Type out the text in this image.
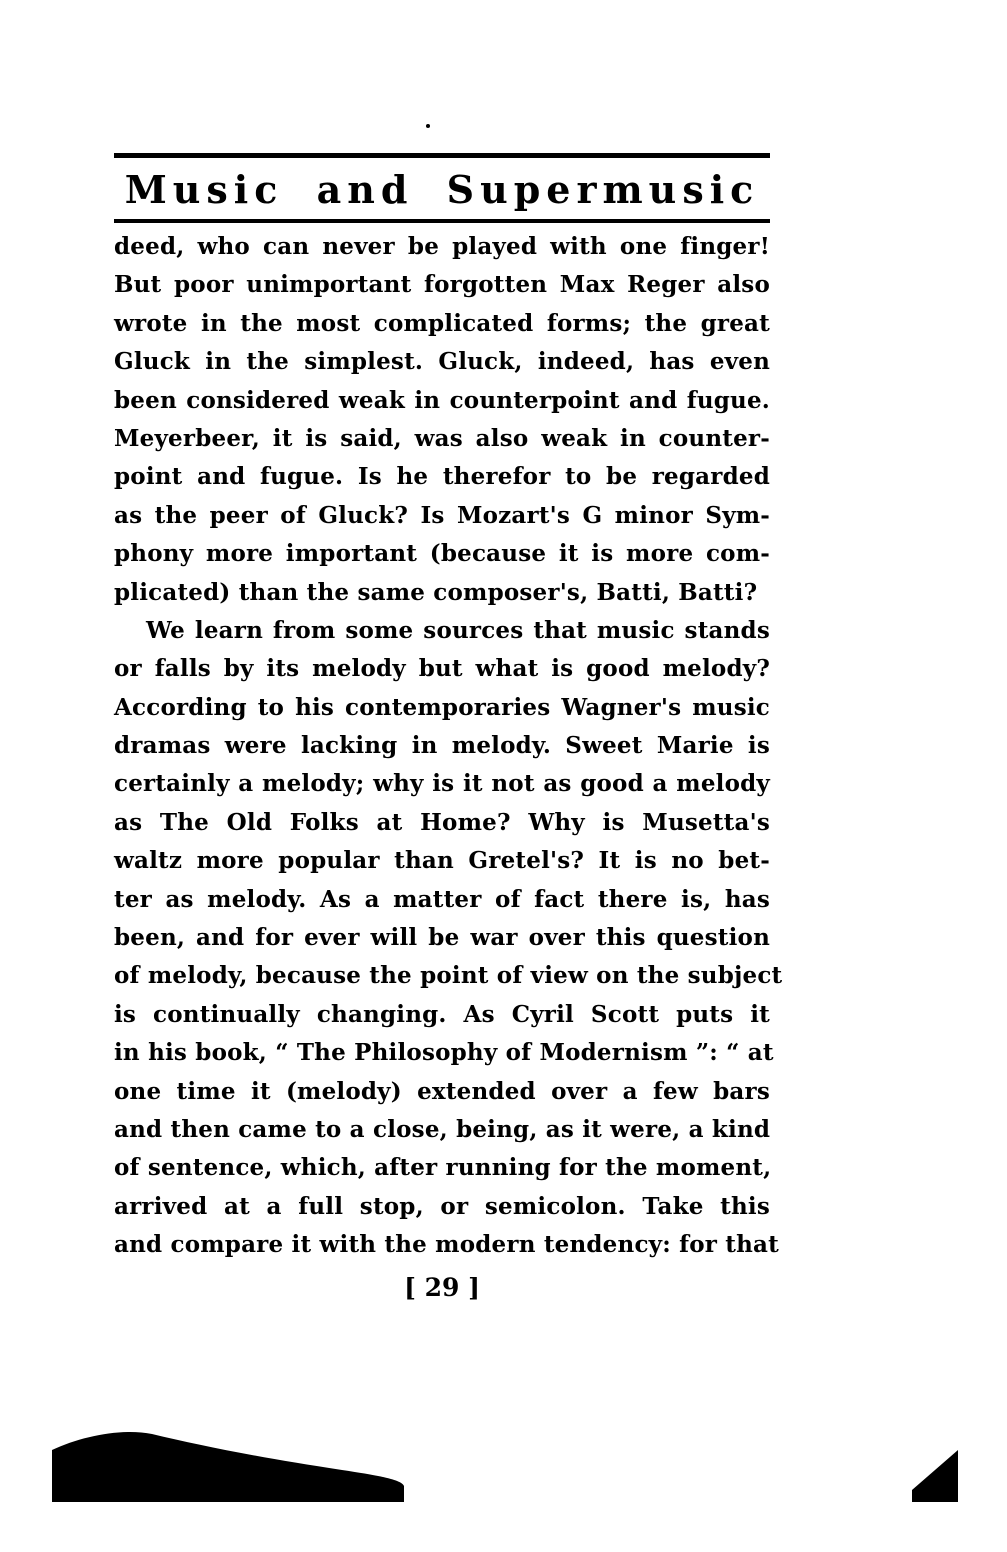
Music and Supermusic
deed, who can never be played with one finger!
But poor unimportant forgotten Max Reger also
wrote in the most complicated forms; the great
Gluck in the simplest. Gluck, indeed, has even
been considered weak in counterpoint and fugue.
Meyerbeer, it is said, was also weak in counter-
point and fugue. Is he therefor to be regarded
as the peer of Gluck? Is Mozart's G minor Sym-
phony more important (because it is more com-
plicated) than the same composer's, Batti, Batti?
We learn from some sources that music stands
or falls by its melody but what is good melody?
According to his contemporaries Wagner's music
dramas were lacking in melody. Sweet Marie is
certainly a melody; why is it not as good a melody
as The Old Folks at Home? Why is Musetta's
waltz more popular than Gretel's? It is no bet-
ter as melody. As a matter of fact there is, has
been, and for ever will be war over this question
of melody, because the point of view on the subject
is continually changing. As Cyril Scott puts it
in his book, “ The Philosophy of Modernism ”: “ at
one time it (melody) extended over a few bars
and then came to a close, being, as it were, a kind
of sentence, which, after running for the moment,
arrived at a full stop, or semicolon. Take this
and compare it with the modern tendency: for that
[ 29 ]
